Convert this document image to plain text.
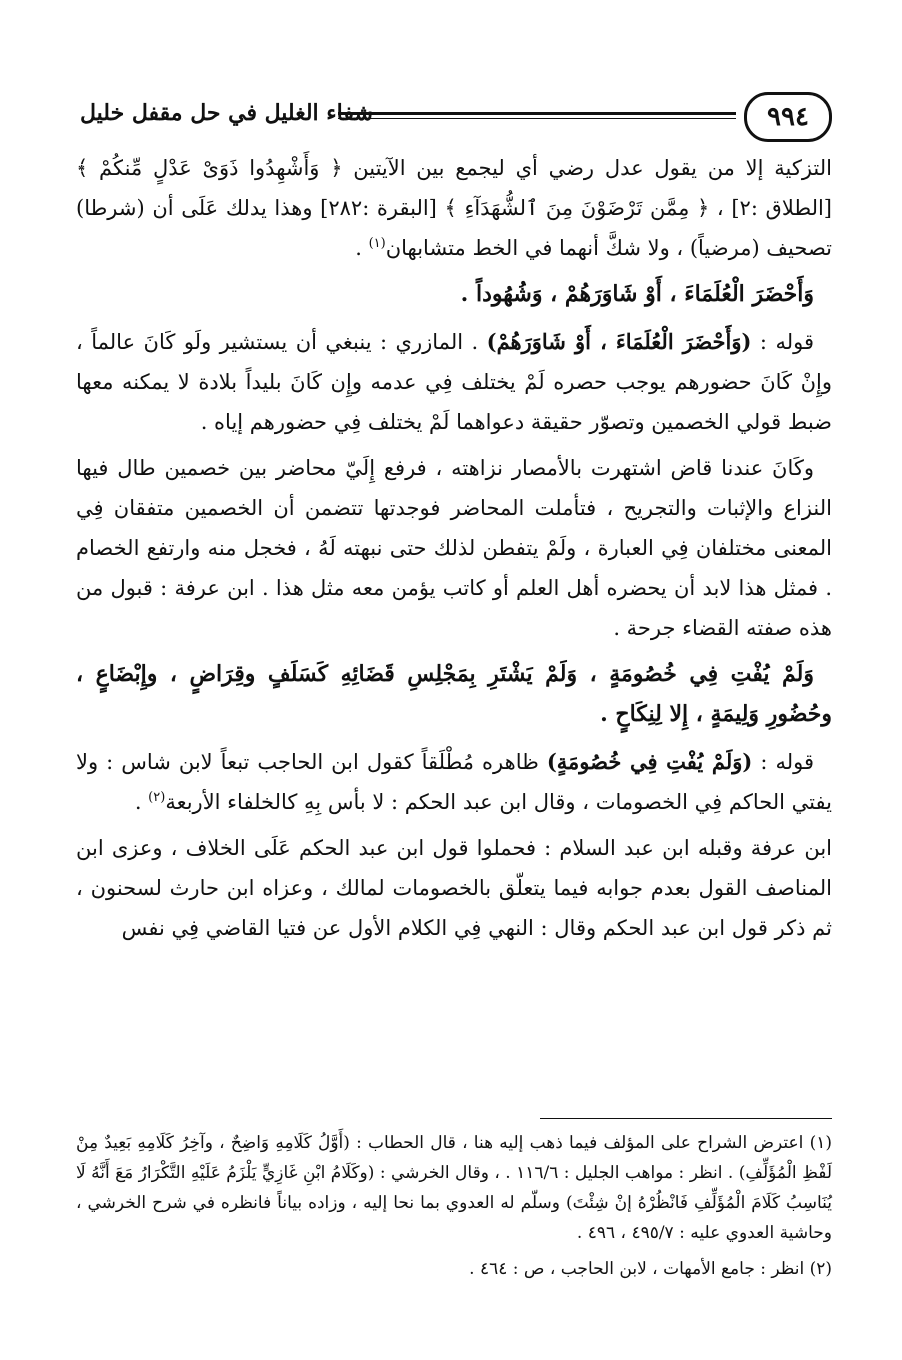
٩٩٤
شفاء الغليل في حل مقفل خليل

التزكية إلا من يقول عدل رضي أي ليجمع بين الآيتين ﴿ وَأَشْهِدُوا ذَوَىْ عَدْلٍ مِّنكُمْ ﴾ [الطلاق :٢] ، ﴿ مِمَّن تَرْضَوْنَ مِنَ ٱلشُّهَدَآءِ ﴾ [البقرة :٢٨٢] وهذا يدلك عَلَى أن (شرطا) تصحيف (مرضياً) ، ولا شكَّ أنهما في الخط متشابهان$^{(١)}$ .

وَأَحْضَرَ الْعُلَمَاءَ ، أَوْ شَاوَرَهُمْ ، وَشُهُوداً .

قوله : (وَأَحْضَرَ الْعُلَمَاءَ ، أَوْ شَاوَرَهُمْ) . المازري : ينبغي أن يستشير ولَو كَانَ عالماً ، وإِنْ كَانَ حضورهم يوجب حصره لَمْ يختلف فِي عدمه وإِن كَانَ بليداً بلادة لا يمكنه معها ضبط قولي الخصمين وتصوّر حقيقة دعواهما لَمْ يختلف فِي حضورهم إياه .

وكَانَ عندنا قاض اشتهرت بالأمصار نزاهته ، فرفع إِلَيّ محاضر بين خصمين طال فيها النزاع والإثبات والتجريح ، فتأملت المحاضر فوجدتها تتضمن أن الخصمين متفقان فِي المعنى مختلفان فِي العبارة ، ولَمْ يتفطن لذلك حتى نبهته لَهُ ، فخجل منه وارتفع الخصام . فمثل هذا لابد أن يحضره أهل العلم أو كاتب يؤمن معه مثل هذا . ابن عرفة : قبول من هذه صفته القضاء جرحة .

وَلَمْ يُفْتِ فِي خُصُومَةٍ ، وَلَمْ يَشْتَرِ بِمَجْلِسِ قَضَائِهِ كَسَلَفٍ وقِرَاضٍ ، وإِبْضَاعٍ ، وحُضُورِ وَلِيمَةٍ ، إِلا لِنِكَاحٍ .

قوله : (وَلَمْ يُفْتِ فِي خُصُومَةٍ) ظاهره مُطْلَقاً كقول ابن الحاجب تبعاً لابن شاس : ولا يفتي الحاكم فِي الخصومات ، وقال ابن عبد الحكم : لا بأس بِهِ كالخلفاء الأربعة$^{(٢)}$ .

ابن عرفة وقبله ابن عبد السلام : فحملوا قول ابن عبد الحكم عَلَى الخلاف ، وعزى ابن المناصف القول بعدم جوابه فيما يتعلّق بالخصومات لمالك ، وعزاه ابن حارث لسحنون ، ثم ذكر قول ابن عبد الحكم وقال : النهي فِي الكلام الأول عن فتيا القاضي فِي نفس

(١) اعترض الشراح على المؤلف فيما ذهب إليه هنا ، قال الحطاب : (أَوَّلُ كَلَامِهِ وَاضِحٌ ، وآخِرُ كَلَامِهِ بَعِيدٌ مِنْ لَفْظِ الْمُؤَلِّفِ) . انظر : مواهب الجليل : ١١٦/٦ . ، وقال الخرشي : (وكَلَامُ ابْنِ غَازِيٍّ يَلْزَمُ عَلَيْهِ التَّكْرَارُ مَعَ أَنَّهُ لَا يُنَاسِبُ كَلَامَ الْمُؤَلِّفِ فَانْظُرْهُ إنْ شِئْتَ) وسلّم له العدوي بما نحا إليه ، وزاده بياناً فانظره في شرح الخرشي ، وحاشية العدوي عليه : ٤٩٥/٧ ، ٤٩٦ .

(٢) انظر : جامع الأمهات ، لابن الحاجب ، ص : ٤٦٤ .
